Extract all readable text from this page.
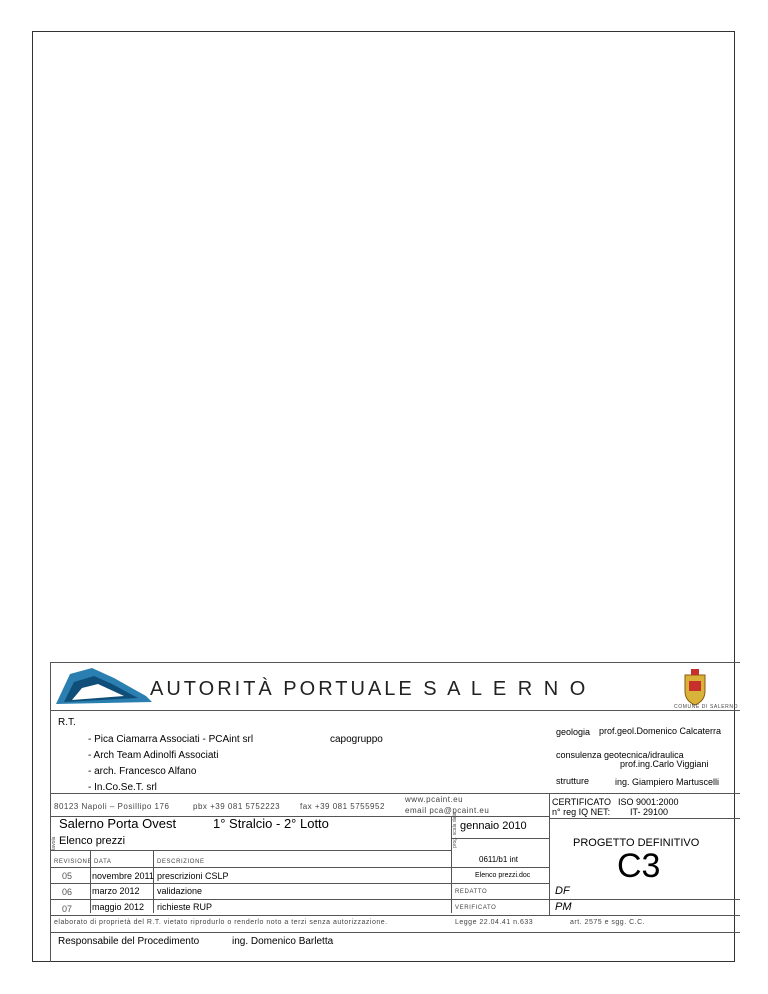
AUTORITÀ PORTUALE S A L E R N O
COMUNE DI SALERNO
R.T.
- Pica Ciamarra Associati - PCAint srl
- Arch Team Adinolfi Associati
- arch. Francesco Alfano
- In.Co.Se.T. srl
capogruppo
geologia prof.geol.Domenico Calcaterra
consulenza geotecnica/idraulica
prof.ing.Carlo Viggiani
strutture	ing. Giampiero Martuscelli
80123 Napoli – Posillipo 176	pbx +39 081 5752223 fax +39 081 5755952
www.pcaint.eu
email pca@pcaint.eu
CERTIFICATO ISO 9001:2000
n° reg IQ NET: IT- 29100
tavola
Salerno Porta Ovest	1° Stralcio - 2° Lotto
Elenco prezzi	prog. scala data gennaio 2010
PROGETTO DEFINITIVO
C3
REVISIONE DATA	DESCRIZIONE
05 novembre 2011 prescrizioni CSLP
06 marzo 2012 validazione
07 maggio 2012 richieste RUP
0611/b1 int
Elenco prezzi.doc
REDATTO	DF
VERIFICATO	PM
elaborato di proprietà del R.T. vietato riprodurlo o renderlo noto a terzi senza autorizzazione.	Legge 22.04.41 n.633	art. 2575 e sgg. C.C.
Responsabile del Procedimento	ing. Domenico Barletta
